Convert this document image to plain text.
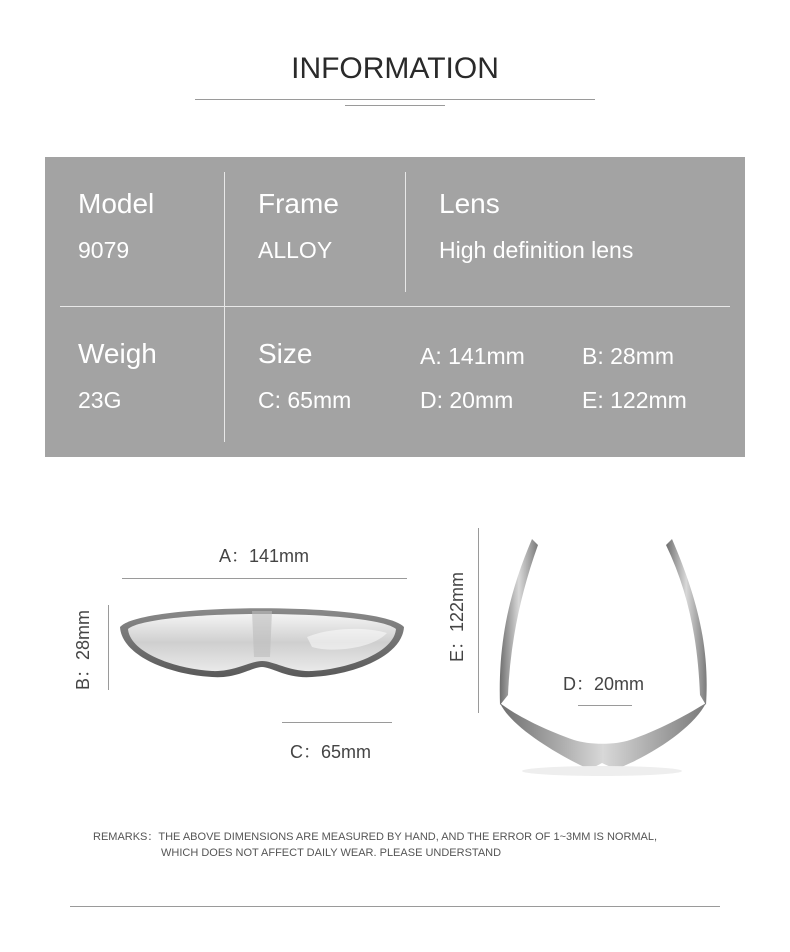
INFORMATION
Model
9079
Frame
ALLOY
Lens
High definition lens
Weigh
23G
Size
C: 65mm
A: 141mm
D: 20mm
B: 28mm
E: 122mm
A：141mm
B：28mm
C：65mm
E：122mm
D：20mm
REMARKS：THE ABOVE DIMENSIONS ARE MEASURED BY HAND, AND THE ERROR OF 1~3MM IS NORMAL,
WHICH DOES NOT AFFECT DAILY WEAR. PLEASE UNDERSTAND
